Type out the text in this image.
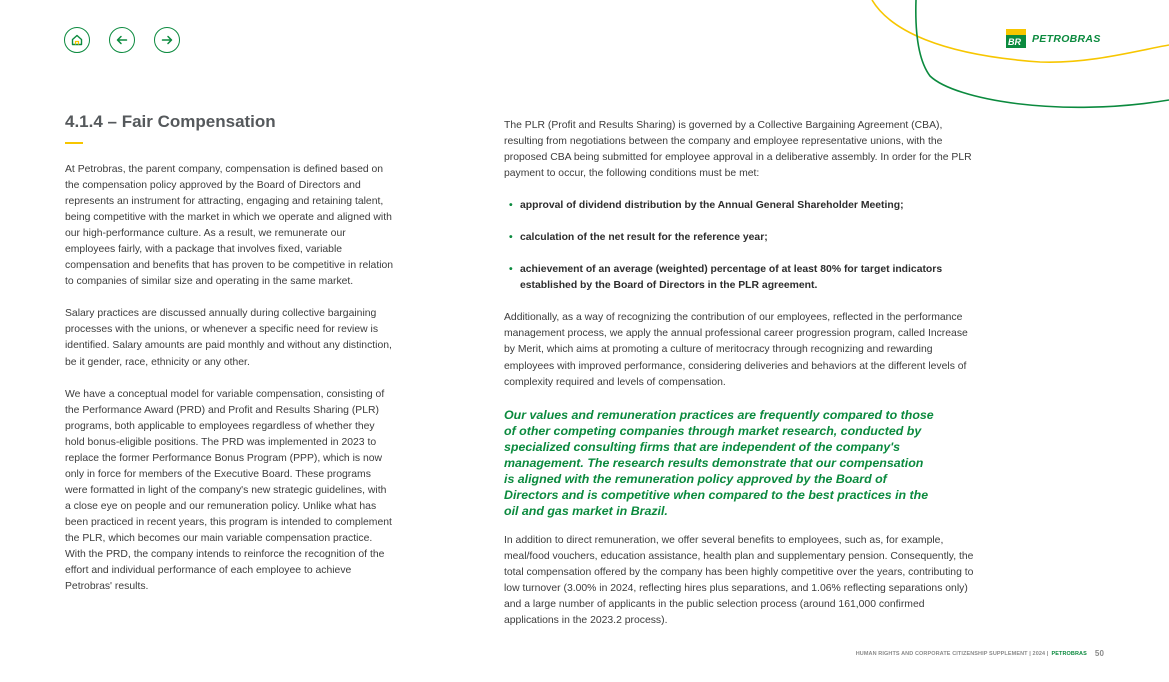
BR PETROBRAS
4.1.4 – Fair Compensation

At Petrobras, the parent company, compensation is defined based on the compensation policy approved by the Board of Directors and represents an instrument for attracting, engaging and retaining talent, being competitive with the market in which we operate and aligned with our high-performance culture. As a result, we remunerate our employees fairly, with a package that involves fixed, variable compensation and benefits that has proven to be competitive in relation to companies of similar size and operating in the same market.

Salary practices are discussed annually during collective bargaining processes with the unions, or whenever a specific need for review is identified. Salary amounts are paid monthly and without any distinction, be it gender, race, ethnicity or any other.

We have a conceptual model for variable compensation, consisting of the Performance Award (PRD) and Profit and Results Sharing (PLR) programs, both applicable to employees regardless of whether they hold bonus-eligible positions. The PRD was implemented in 2023 to replace the former Performance Bonus Program (PPP), which is now only in force for members of the Executive Board. These programs were formatted in light of the company's new strategic guidelines, with a close eye on people and our remuneration policy. Unlike what has been practiced in recent years, this program is intended to complement the PLR, which becomes our main variable compensation practice. With the PRD, the company intends to reinforce the recognition of the effort and individual performance of each employee to achieve Petrobras' results.

The PLR (Profit and Results Sharing) is governed by a Collective Bargaining Agreement (CBA), resulting from negotiations between the company and employee representative unions, with the proposed CBA being submitted for employee approval in a deliberative assembly. In order for the PLR payment to occur, the following conditions must be met:

• approval of dividend distribution by the Annual General Shareholder Meeting;
• calculation of the net result for the reference year;
• achievement of an average (weighted) percentage of at least 80% for target indicators established by the Board of Directors in the PLR agreement.

Additionally, as a way of recognizing the contribution of our employees, reflected in the performance management process, we apply the annual professional career progression program, called Increase by Merit, which aims at promoting a culture of meritocracy through recognizing and rewarding employees with improved performance, considering deliveries and behaviors at the different levels of complexity required and levels of compensation.

Our values and remuneration practices are frequently compared to those of other competing companies through market research, conducted by specialized consulting firms that are independent of the company's management. The research results demonstrate that our compensation is aligned with the remuneration policy approved by the Board of Directors and is competitive when compared to the best practices in the oil and gas market in Brazil.

In addition to direct remuneration, we offer several benefits to employees, such as, for example, meal/food vouchers, education assistance, health plan and supplementary pension. Consequently, the total compensation offered by the company has been highly competitive over the years, contributing to low turnover (3.00% in 2024, reflecting hires plus separations, and 1.06% reflecting separations only) and a large number of applicants in the public selection process (around 161,000 confirmed applications in the 2023.2 process).

HUMAN RIGHTS AND CORPORATE CITIZENSHIP SUPPLEMENT | 2024 | PETROBRAS 50
